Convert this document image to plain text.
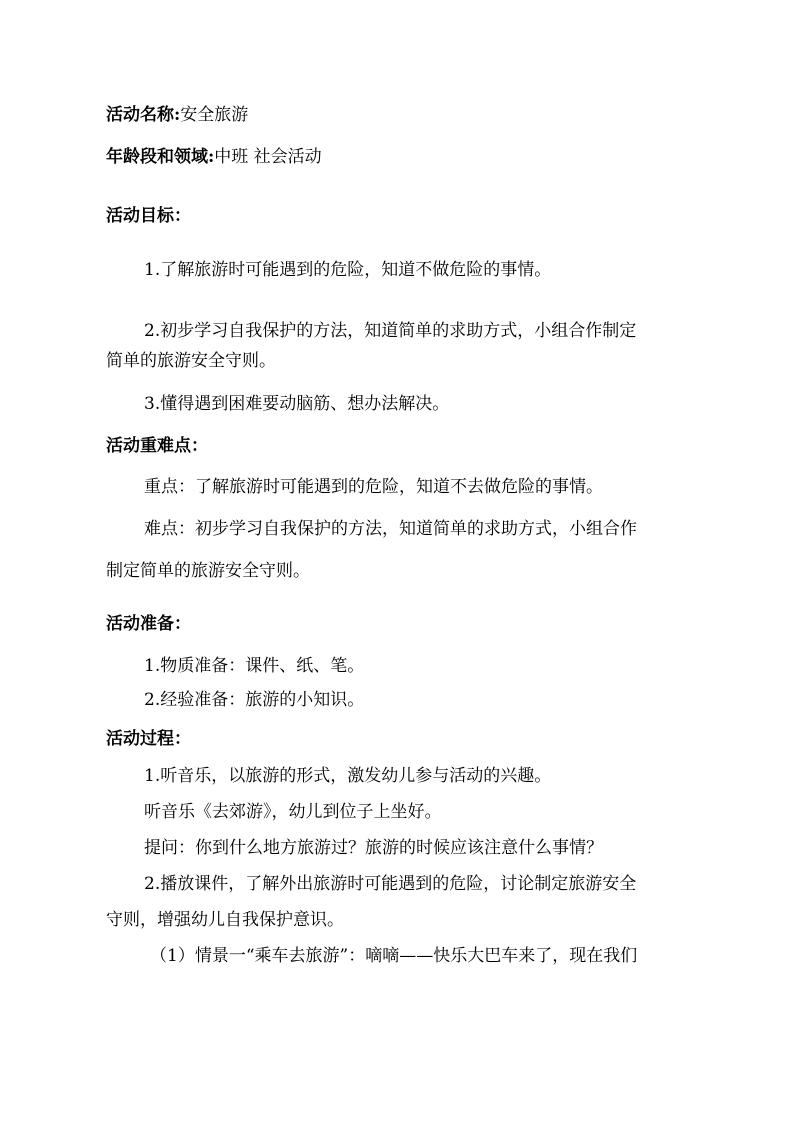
活动名称:安全旅游
年龄段和领域:中班 社会活动
活动目标：
1.了解旅游时可能遇到的危险，知道不做危险的事情。
2.初步学习自我保护的方法，知道简单的求助方式，小组合作制定
简单的旅游安全守则。
3.懂得遇到困难要动脑筋、想办法解决。
活动重难点：
重点：了解旅游时可能遇到的危险，知道不去做危险的事情。
难点：初步学习自我保护的方法，知道简单的求助方式，小组合作
制定简单的旅游安全守则。
活动准备：
1.物质准备：课件、纸、笔。
2.经验准备：旅游的小知识。
活动过程：
1.听音乐，以旅游的形式，激发幼儿参与活动的兴趣。
听音乐《去郊游》，幼儿到位子上坐好。
提问：你到什么地方旅游过？旅游的时候应该注意什么事情？
2.播放课件，了解外出旅游时可能遇到的危险，讨论制定旅游安全
守则，增强幼儿自我保护意识。
（1）情景一“乘车去旅游”：嘀嘀——快乐大巴车来了，现在我们
